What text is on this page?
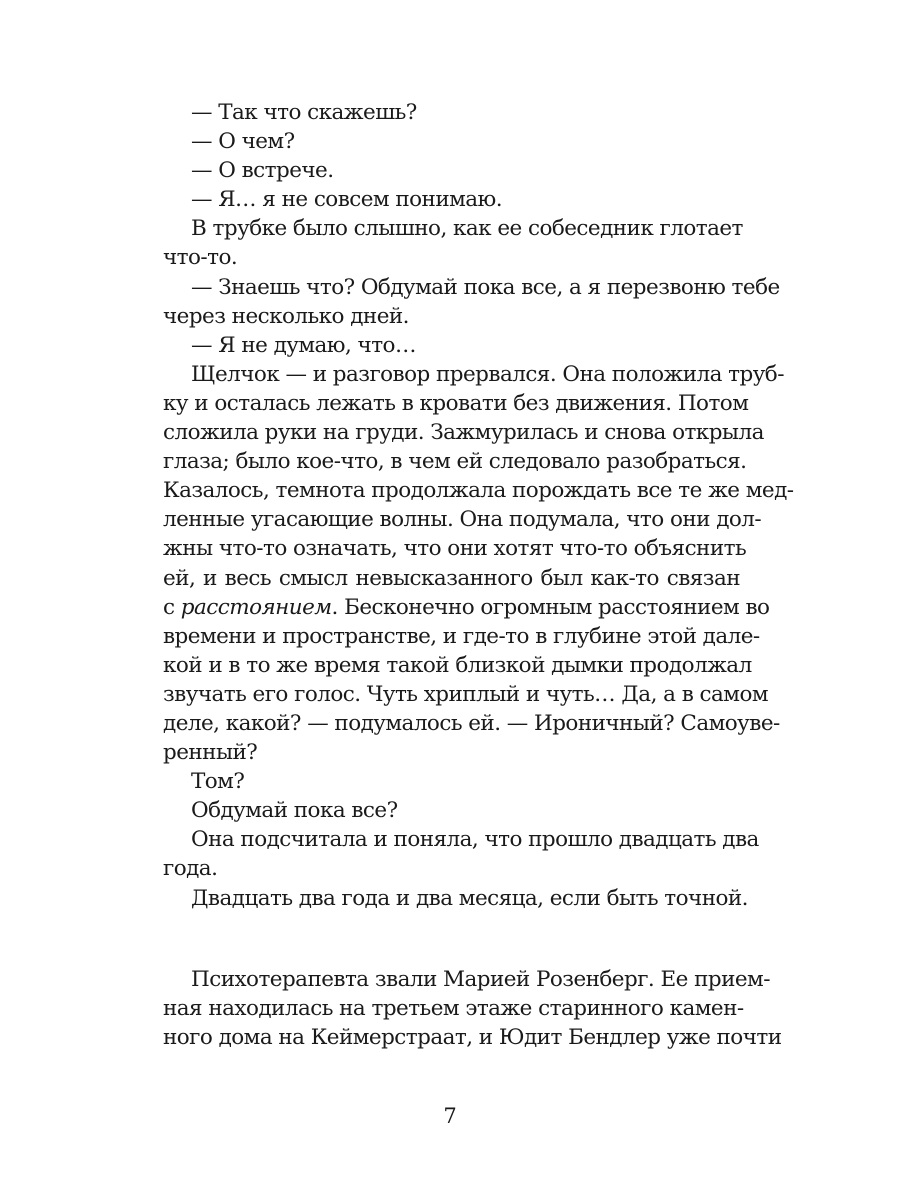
— Так что скажешь?
— О чем?
— О встрече.
— Я… я не совсем понимаю.
В трубке было слышно, как ее собеседник глотает
что-то.
— Знаешь что? Обдумай пока все, а я перезвоню тебе
через несколько дней.
— Я не думаю, что…
Щелчок — и разговор прервался. Она положила труб-
ку и осталась лежать в кровати без движения. Потом
сложила руки на груди. Зажмурилась и снова открыла
глаза; было кое-что, в чем ей следовало разобраться.
Казалось, темнота продолжала порождать все те же мед-
ленные угасающие волны. Она подумала, что они дол-
жны что-то означать, что они хотят что-то объяснить
ей, и весь смысл невысказанного был как-то связан
с расстоянием. Бесконечно огромным расстоянием во
времени и пространстве, и где-то в глубине этой дале-
кой и в то же время такой близкой дымки продолжал
звучать его голос. Чуть хриплый и чуть… Да, а в самом
деле, какой? — подумалось ей. — Ироничный? Самоуве-
ренный?
Том?
Обдумай пока все?
Она подсчитала и поняла, что прошло двадцать два
года.
Двадцать два года и два месяца, если быть точной.
Психотерапевта звали Марией Розенберг. Ее прием-
ная находилась на третьем этаже старинного камен-
ного дома на Кеймерстраат, и Юдит Бендлер уже почти
7
